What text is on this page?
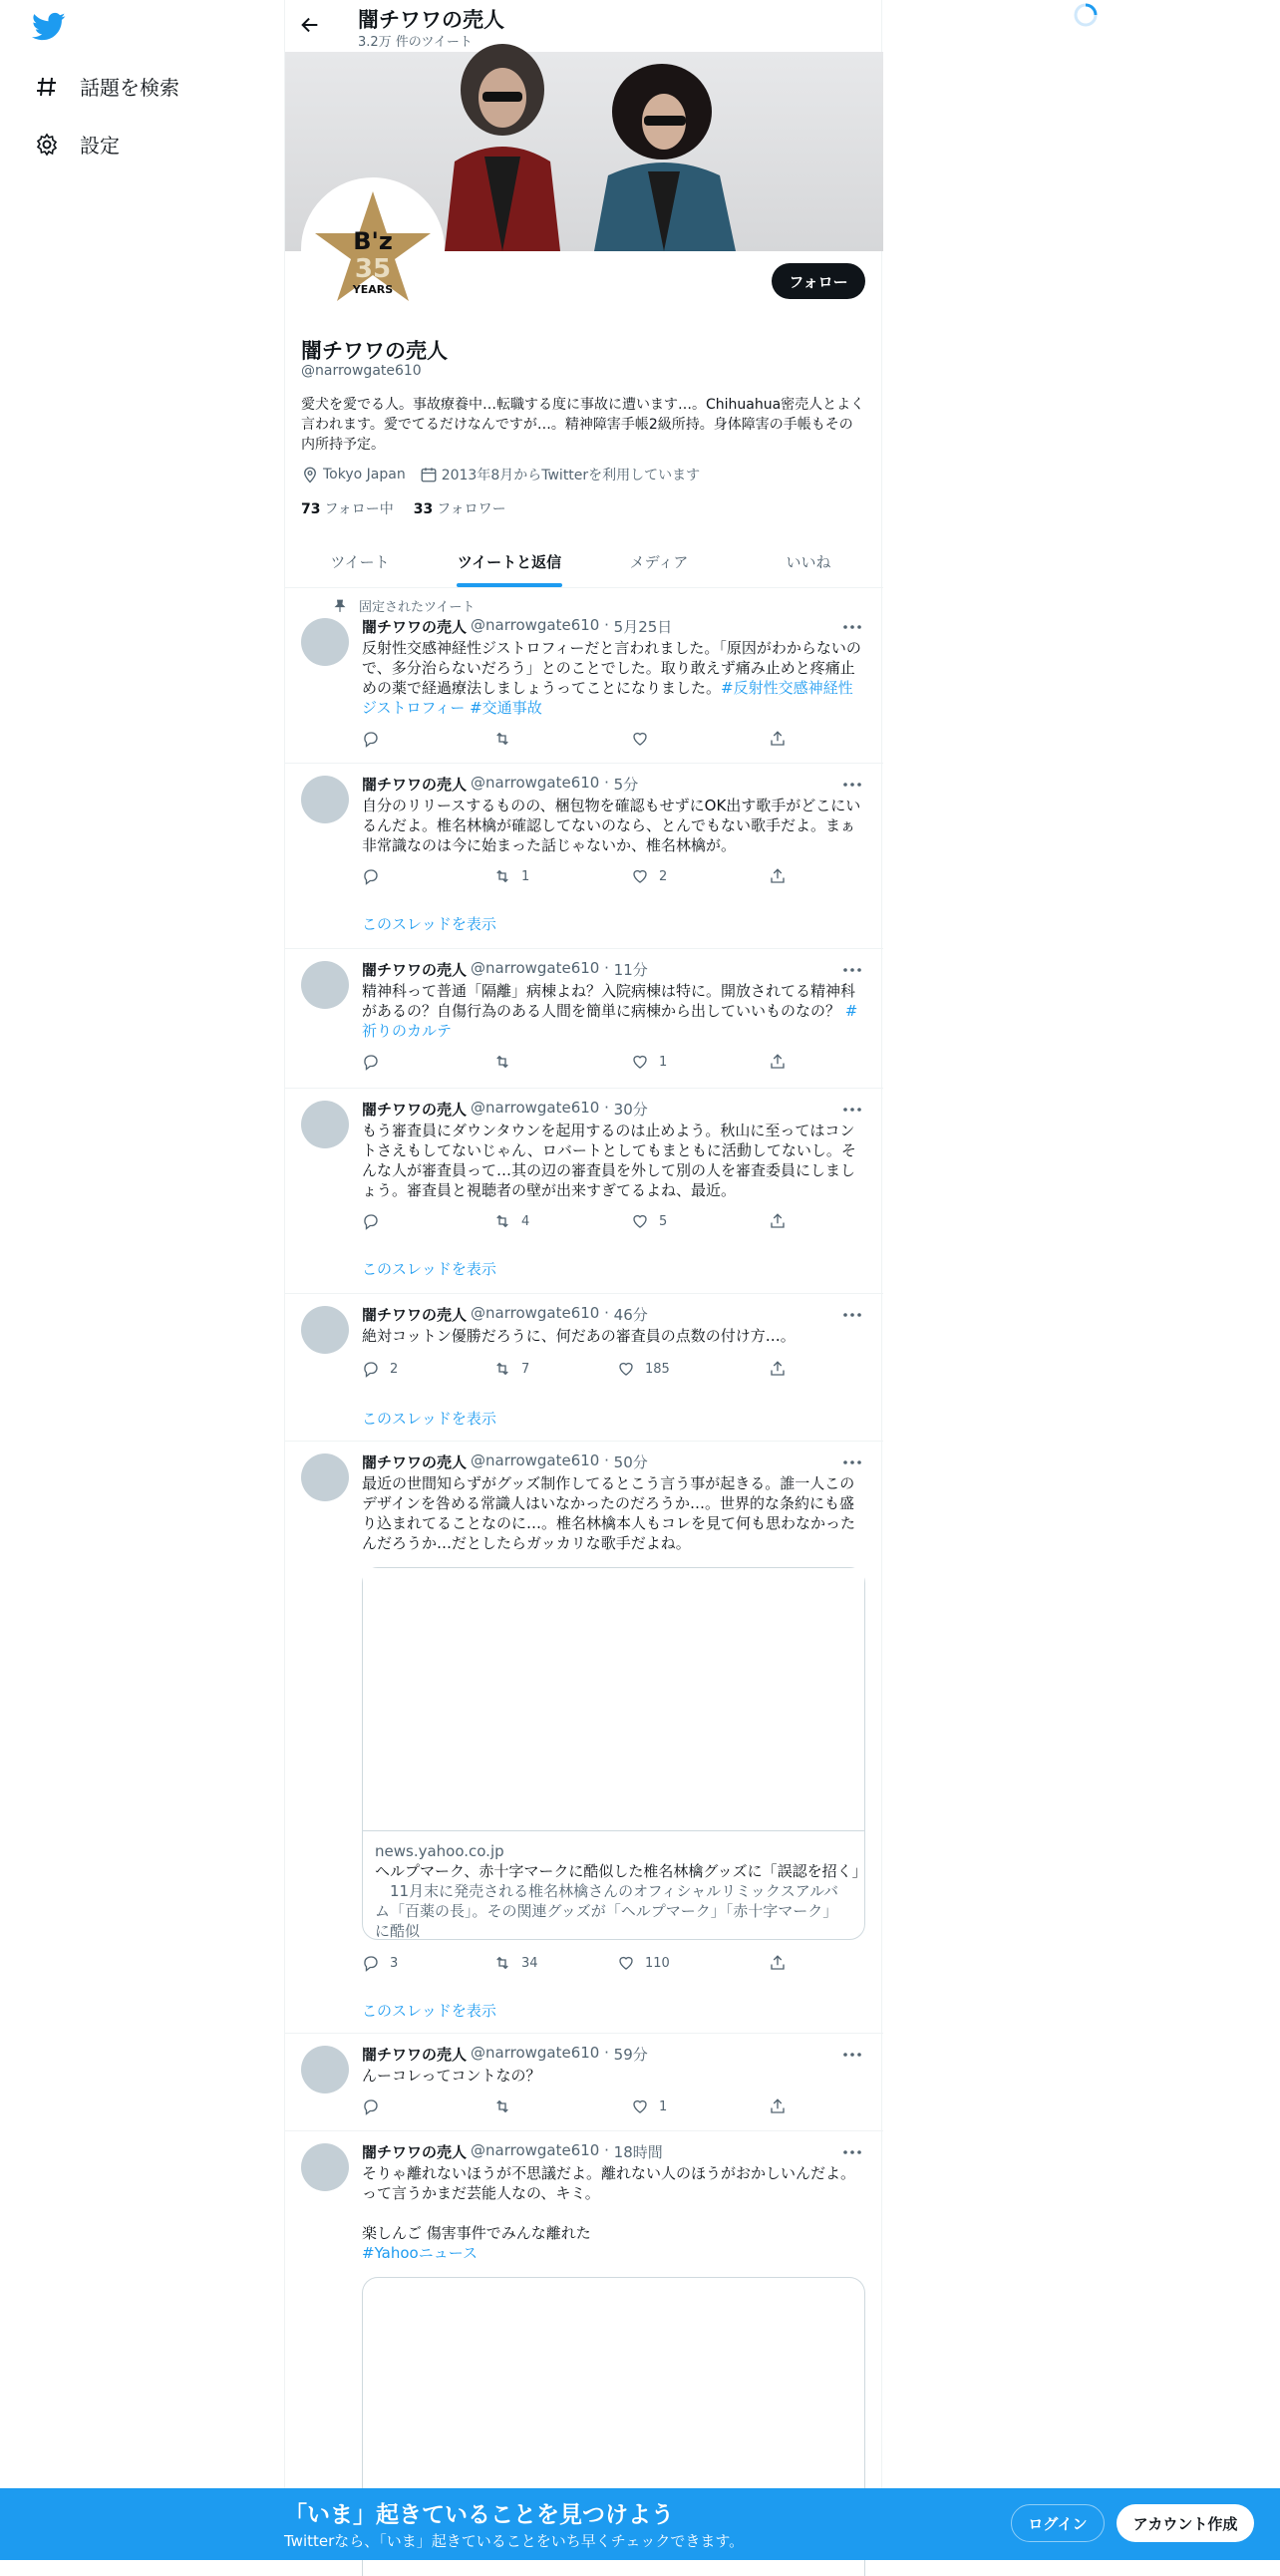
話題を検索
設定
闇チワワの売人
3.2万 件のツイート
B'z
35
YEARS	フォロー
闇チワワの売人
@narrowgate610
愛犬を愛でる人。事故療養中…転職する度に事故に遭います…。Chihuahua密売人とよく言われます。愛でてるだけなんですが…。精神障害手帳2級所持。身体障害の手帳もその内所持予定。
Tokyo Japan	2013年8月からTwitterを利用しています
73 フォロー中 33 フォロワー
ツイート	ツイートと返信	メディア	いいね
固定されたツイート
闇チワワの売人 @narrowgate610 · 5月25日
反射性交感神経性ジストロフィーだと言われました。「原因がわからないので、多分治らないだろう」とのことでした。取り敢えず痛み止めと疼痛止めの薬で経過療法しましょうってことになりました。#反射性交感神経性ジストロフィー #交通事故
闇チワワの売人 @narrowgate610 · 5分
自分のリリースするものの、梱包物を確認もせずにOK出す歌手がどこにいるんだよ。椎名林檎が確認してないのなら、とんでもない歌手だよ。まぁ非常識なのは今に始まった話じゃないか、椎名林檎が。
1	2
このスレッドを表示
闇チワワの売人 @narrowgate610 · 11分
精神科って普通「隔離」病棟よね？入院病棟は特に。開放されてる精神科があるの？自傷行為のある人間を簡単に病棟から出していいものなの？ #祈りのカルテ
1
闇チワワの売人 @narrowgate610 · 30分
もう審査員にダウンタウンを起用するのは止めよう。秋山に至ってはコントさえもしてないじゃん、ロバートとしてもまともに活動してないし。そんな人が審査員って…其の辺の審査員を外して別の人を審査委員にしましょう。審査員と視聴者の壁が出来すぎてるよね、最近。
4	5
このスレッドを表示
闇チワワの売人 @narrowgate610 · 46分
絶対コットン優勝だろうに、何だあの審査員の点数の付け方…。
2	7	185
このスレッドを表示
闇チワワの売人 @narrowgate610 · 50分
最近の世間知らずがグッズ制作してるとこう言う事が起きる。誰一人このデザインを咎める常識人はいなかったのだろうか…。世界的な条約にも盛り込まれてることなのに…。椎名林檎本人もコレを見て何も思わなかったんだろうか…だとしたらガッカリな歌手だよね。
news.yahoo.co.jp
ヘルプマーク、赤十字マークに酷似した椎名林檎グッズに「誤認を招く」
　11月末に発売される椎名林檎さんのオフィシャルリミックスアルバム「百薬の長」。その関連グッズが「ヘルプマーク」「赤十字マーク」に酷似
3	34	110
このスレッドを表示
闇チワワの売人 @narrowgate610 · 59分
んーコレってコントなの？
1
闇チワワの売人 @narrowgate610 · 18時間
そりゃ離れないほうが不思議だよ。離れない人のほうがおかしいんだよ。って言うかまだ芸能人なの、キミ。
楽しんご 傷害事件でみんな離れた
#Yahooニュース
「いま」起きていることを見つけよう
Twitterなら、「いま」起きていることをいち早くチェックできます。
ログイン	アカウント作成
